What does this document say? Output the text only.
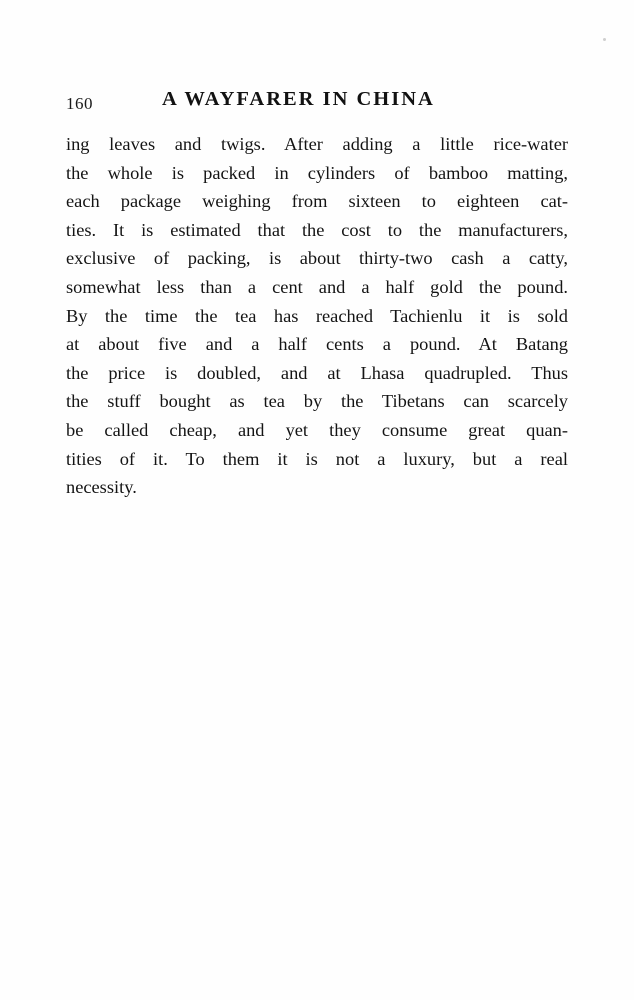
160	A WAYFARER IN CHINA

ing leaves and twigs. After adding a little rice-water
the whole is packed in cylinders of bamboo matting,
each package weighing from sixteen to eighteen cat-
ties. It is estimated that the cost to the manufacturers,
exclusive of packing, is about thirty-two cash a catty,
somewhat less than a cent and a half gold the pound.
By the time the tea has reached Tachienlu it is sold
at about five and a half cents a pound. At Batang
the price is doubled, and at Lhasa quadrupled. Thus
the stuff bought as tea by the Tibetans can scarcely
be called cheap, and yet they consume great quan-
tities of it. To them it is not a luxury, but a real
necessity.
